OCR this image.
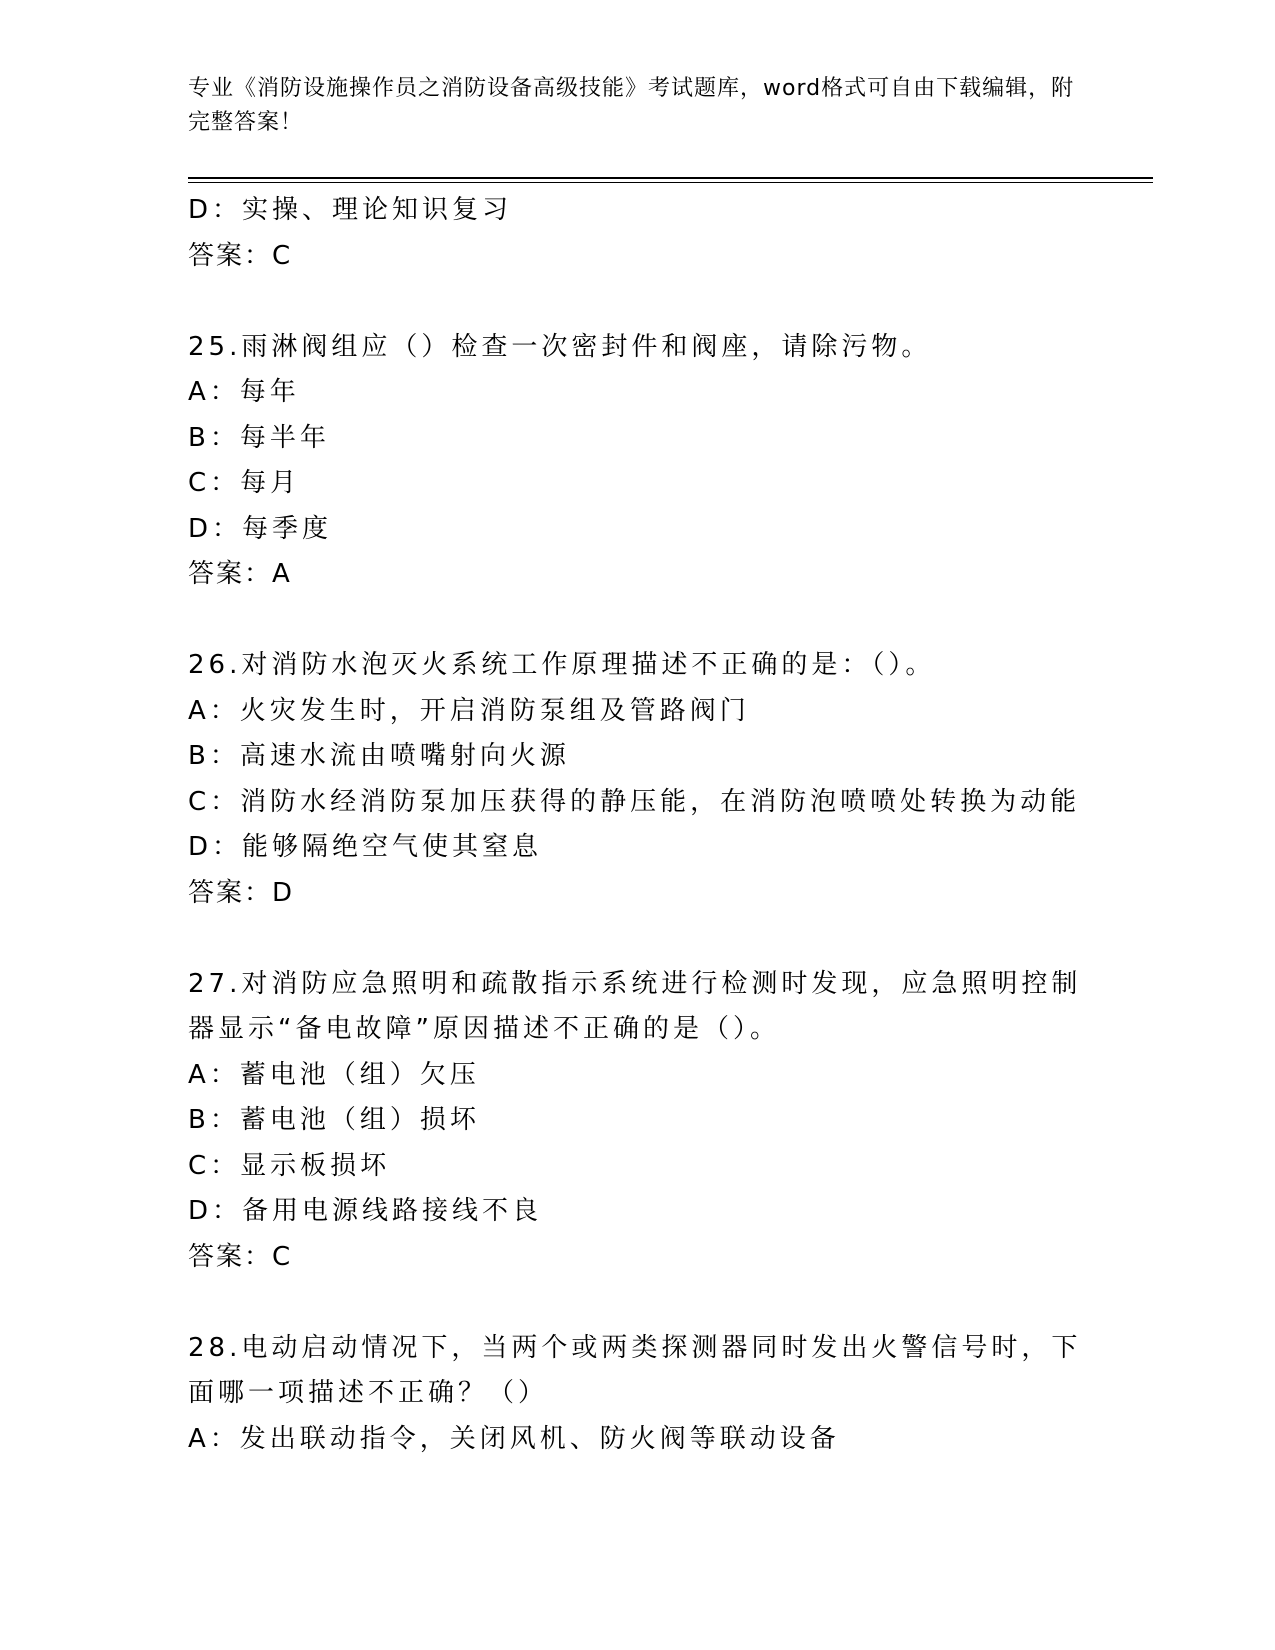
专业《消防设施操作员之消防设备高级技能》考试题库，word格式可自由下载编辑，附完整答案！
D：实操、理论知识复习
答案：C
25.雨淋阀组应（）检查一次密封件和阀座，请除污物。
A：每年
B：每半年
C：每月
D：每季度
答案：A
26.对消防水泡灭火系统工作原理描述不正确的是：（）。
A：火灾发生时，开启消防泵组及管路阀门
B：高速水流由喷嘴射向火源
C：消防水经消防泵加压获得的静压能，在消防泡喷喷处转换为动能
D：能够隔绝空气使其窒息
答案：D
27.对消防应急照明和疏散指示系统进行检测时发现，应急照明控制器显示“备电故障”原因描述不正确的是（）。
A：蓄电池（组）欠压
B：蓄电池（组）损坏
C：显示板损坏
D：备用电源线路接线不良
答案：C
28.电动启动情况下，当两个或两类探测器同时发出火警信号时，下面哪一项描述不正确？（）
A：发出联动指令，关闭风机、防火阀等联动设备
